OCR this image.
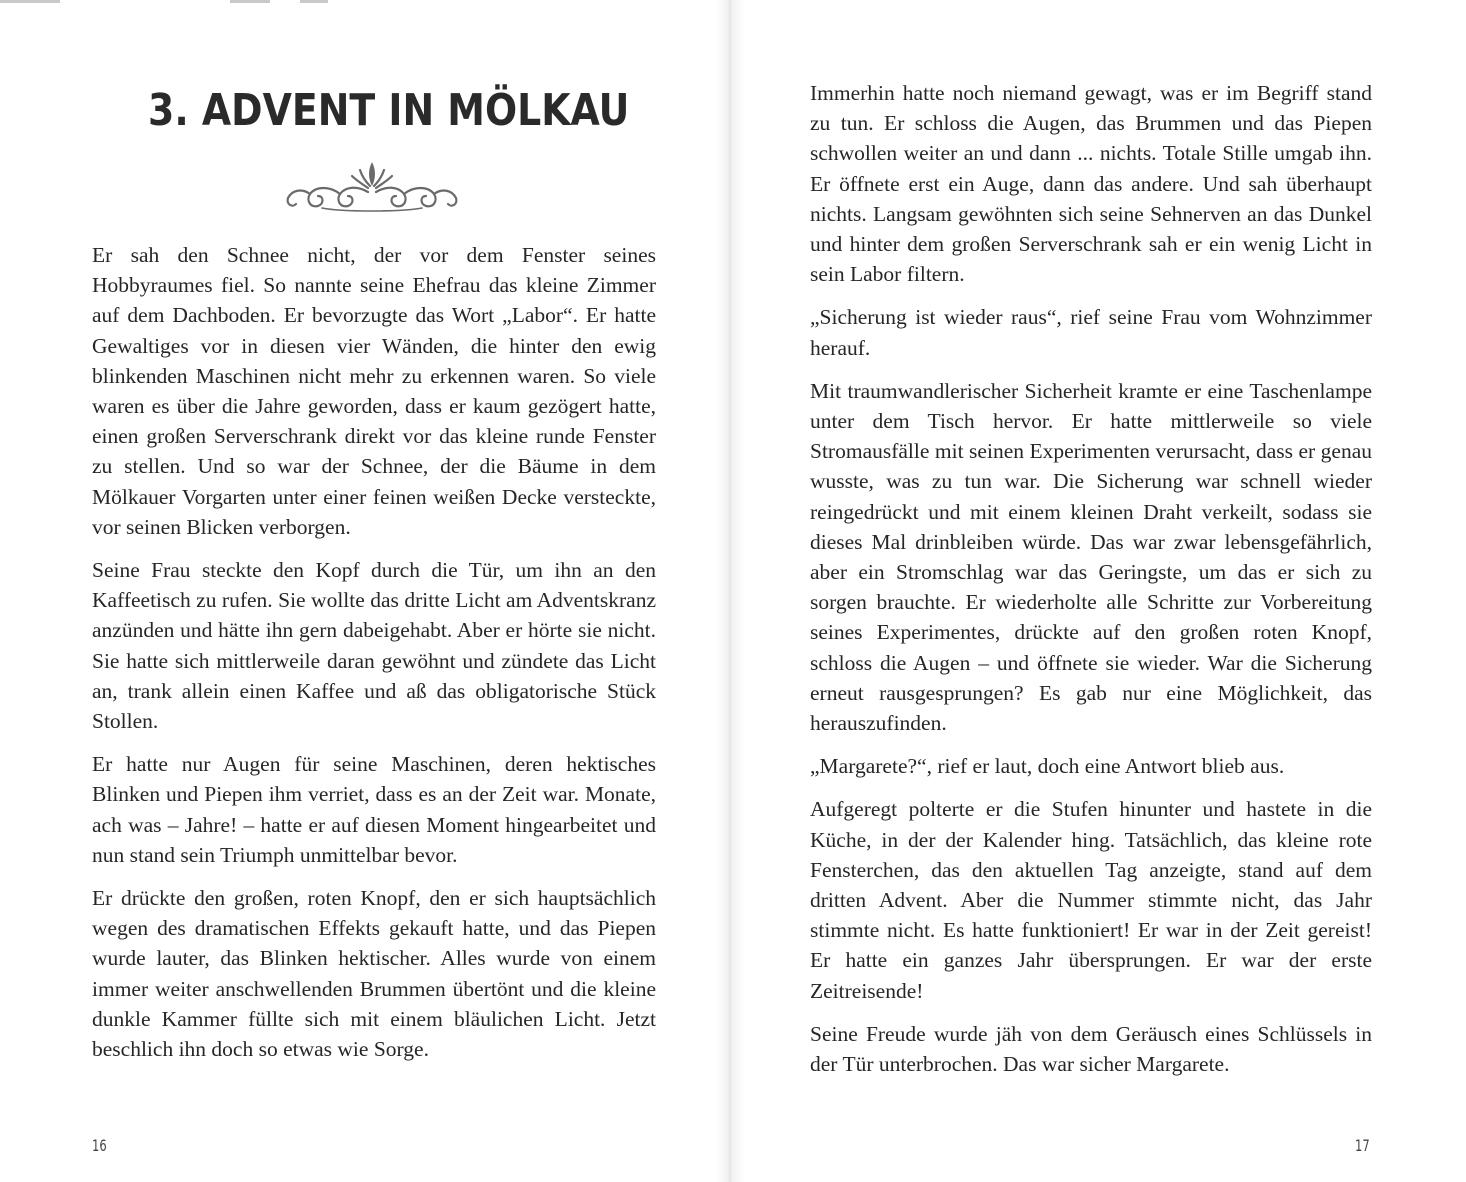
3. ADVENT IN MÖLKAU

Er sah den Schnee nicht, der vor dem Fenster seines Hobbyraumes fiel. So nannte seine Ehefrau das kleine Zimmer auf dem Dachboden. Er bevorzugte das Wort „Labor“. Er hatte Gewaltiges vor in diesen vier Wänden, die hinter den ewig blinkenden Maschinen nicht mehr zu erkennen waren. So viele waren es über die Jahre geworden, dass er kaum gezögert hatte, einen großen Serverschrank direkt vor das kleine runde Fenster zu stellen. Und so war der Schnee, der die Bäume in dem Mölkauer Vorgarten unter einer feinen weißen Decke versteckte, vor seinen Blicken verborgen.

Seine Frau steckte den Kopf durch die Tür, um ihn an den Kaffeetisch zu rufen. Sie wollte das dritte Licht am Adventskranz anzünden und hätte ihn gern dabeigehabt. Aber er hörte sie nicht. Sie hatte sich mittlerweile daran gewöhnt und zündete das Licht an, trank allein einen Kaffee und aß das obligatorische Stück Stollen.

Er hatte nur Augen für seine Maschinen, deren hektisches Blinken und Piepen ihm verriet, dass es an der Zeit war. Monate, ach was – Jahre! – hatte er auf diesen Moment hingearbeitet und nun stand sein Triumph unmittelbar bevor.

Er drückte den großen, roten Knopf, den er sich hauptsächlich wegen des dramatischen Effekts gekauft hatte, und das Piepen wurde lauter, das Blinken hektischer. Alles wurde von einem immer weiter anschwellenden Brummen übertönt und die kleine dunkle Kammer füllte sich mit einem bläulichen Licht. Jetzt beschlich ihn doch so etwas wie Sorge.

16

Immerhin hatte noch niemand gewagt, was er im Begriff stand zu tun. Er schloss die Augen, das Brummen und das Piepen schwollen weiter an und dann ... nichts. Totale Stille umgab ihn. Er öffnete erst ein Auge, dann das andere. Und sah überhaupt nichts. Langsam gewöhnten sich seine Sehnerven an das Dunkel und hinter dem großen Serverschrank sah er ein wenig Licht in sein Labor filtern.

„Sicherung ist wieder raus“, rief seine Frau vom Wohnzimmer herauf.

Mit traumwandlerischer Sicherheit kramte er eine Taschenlampe unter dem Tisch hervor. Er hatte mittlerweile so viele Stromausfälle mit seinen Experimenten verursacht, dass er genau wusste, was zu tun war. Die Sicherung war schnell wieder reingedrückt und mit einem kleinen Draht verkeilt, sodass sie dieses Mal drinbleiben würde. Das war zwar lebensgefährlich, aber ein Stromschlag war das Geringste, um das er sich zu sorgen brauchte. Er wiederholte alle Schritte zur Vorbereitung seines Experimentes, drückte auf den großen roten Knopf, schloss die Augen – und öffnete sie wieder. War die Sicherung erneut rausgesprungen? Es gab nur eine Möglichkeit, das herauszufinden.

„Margarete?“, rief er laut, doch eine Antwort blieb aus.

Aufgeregt polterte er die Stufen hinunter und hastete in die Küche, in der der Kalender hing. Tatsächlich, das kleine rote Fensterchen, das den aktuellen Tag anzeigte, stand auf dem dritten Advent. Aber die Nummer stimmte nicht, das Jahr stimmte nicht. Es hatte funktioniert! Er war in der Zeit gereist! Er hatte ein ganzes Jahr übersprungen. Er war der erste Zeitreisende!

Seine Freude wurde jäh von dem Geräusch eines Schlüssels in der Tür unterbrochen. Das war sicher Margarete.

17
